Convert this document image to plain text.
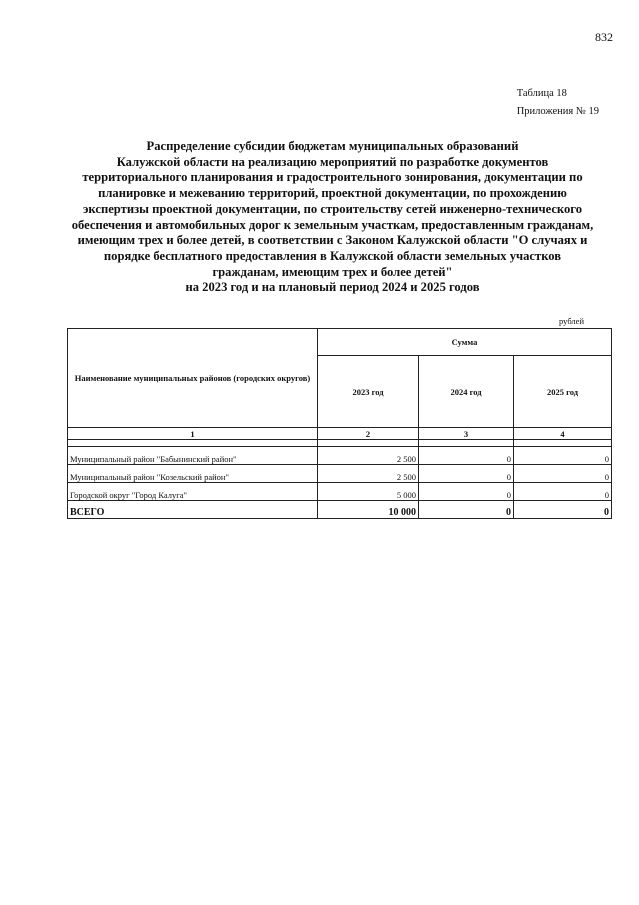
832
Таблица 18
Приложения № 19
Распределение субсидии бюджетам муниципальных образований
Калужской области на реализацию мероприятий по разработке документов
территориального планирования и градостроительного зонирования, документации по
планировке и межеванию территорий, проектной документации, по прохождению
экспертизы проектной документации, по строительству сетей инженерно-технического
обеспечения и автомобильных дорог к земельным участкам, предоставленным гражданам,
имеющим трех и более детей, в соответствии с Законом Калужской области "О случаях и
порядке бесплатного предоставления в Калужской области земельных участков
гражданам, имеющим трех и более детей"
на 2023 год и на плановый период 2024 и 2025 годов
рублей
Наименование муниципальных районов (городских округов)	Сумма		
	2023 год	2024 год	2025 год
1	2	3	4

Муниципальный район "Бабынинский район"	2 500	0	0
Муниципальный район "Козельский район"	2 500	0	0
Городской округ "Город Калуга"	5 000	0	0
ВСЕГО	10 000	0	0
